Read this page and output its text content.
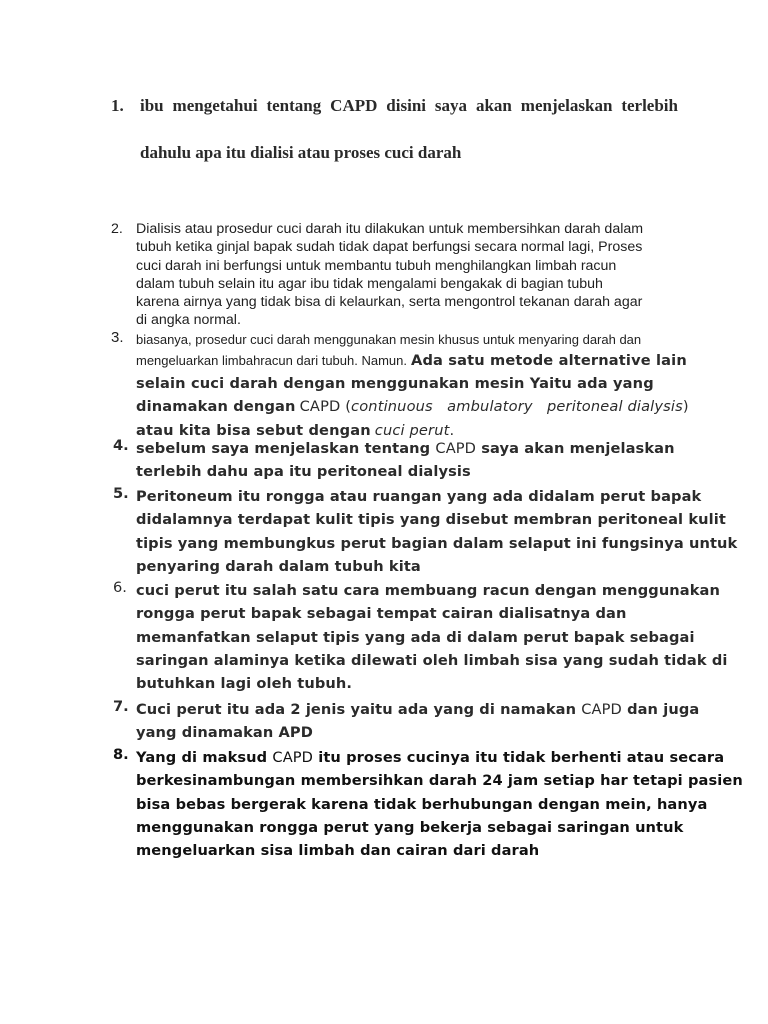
1. ibu mengetahui tentang CAPD disini saya akan menjelaskan terlebih
dahulu apa itu dialisi atau proses cuci darah
2. Dialisis atau prosedur cuci darah itu dilakukan untuk membersihkan darah dalam
tubuh ketika ginjal bapak sudah tidak dapat berfungsi secara normal lagi, Proses
cuci darah ini berfungsi untuk membantu tubuh menghilangkan limbah racun
dalam tubuh selain itu agar ibu tidak mengalami bengakak di bagian tubuh
karena airnya yang tidak bisa di kelaurkan, serta mengontrol tekanan darah agar
di angka normal.
3. biasanya, prosedur cuci darah menggunakan mesin khusus untuk menyaring darah dan
mengeluarkan limbahracun dari tubuh. Namun. Ada satu metode alternative lain
selain cuci darah dengan menggunakan mesin Yaitu ada yang
dinamakan dengan CAPD (continuous   ambulatory   peritoneal dialysis)
atau kita bisa sebut dengan cuci perut.
4. sebelum saya menjelaskan tentang CAPD saya akan menjelaskan
terlebih dahu apa itu peritoneal dialysis
5. Peritoneum itu rongga atau ruangan yang ada didalam perut bapak
didalamnya terdapat kulit tipis yang disebut membran peritoneal kulit
tipis yang membungkus perut bagian dalam selaput ini fungsinya untuk
penyaring darah dalam tubuh kita
6. cuci perut itu salah satu cara membuang racun dengan menggunakan
rongga perut bapak sebagai tempat cairan dialisatnya dan
memanfatkan selaput tipis yang ada di dalam perut bapak sebagai
saringan alaminya ketika dilewati oleh limbah sisa yang sudah tidak di
butuhkan lagi oleh tubuh.
7. Cuci perut itu ada 2 jenis yaitu ada yang di namakan CAPD dan juga
yang dinamakan APD
8. Yang di maksud CAPD itu proses cucinya itu tidak berhenti atau secara
berkesinambungan membersihkan darah 24 jam setiap har tetapi pasien
bisa bebas bergerak karena tidak berhubungan dengan mein, hanya
menggunakan rongga perut yang bekerja sebagai saringan untuk
mengeluarkan sisa limbah dan cairan dari darah
